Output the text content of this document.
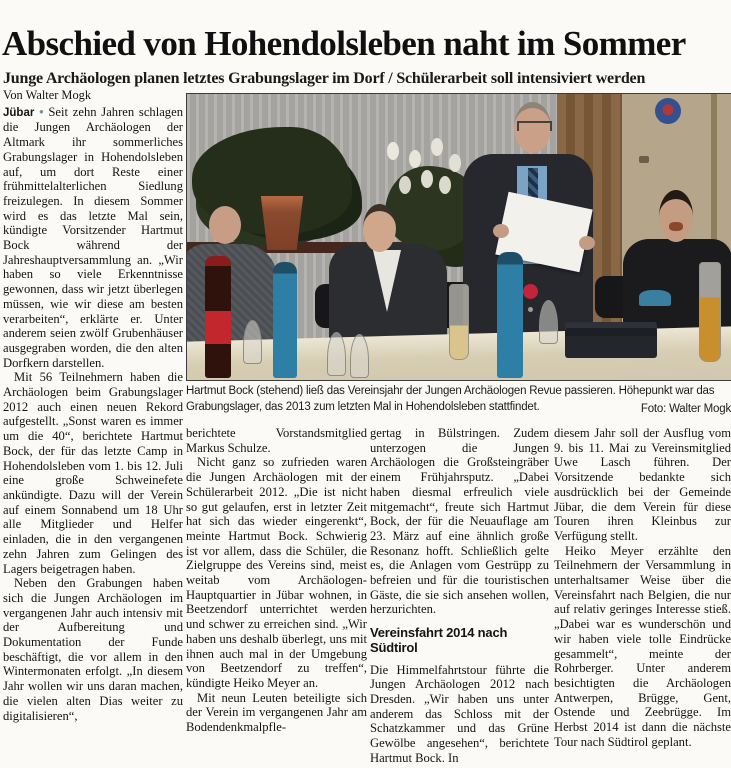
Abschied von Hohendolsleben naht im Sommer
Junge Archäologen planen letztes Grabungslager im Dorf / Schülerarbeit soll intensiviert werden
Hartmut Bock (stehend) ließ das Vereinsjahr der Jungen Archäologen Revue passieren. Höhepunkt war das Grabungslager, das 2013 zum letzten Mal in Hohendolsleben stattfindet.	Foto: Walter Mogk

Von Walter Mogk

Jübar ● Seit zehn Jahren schlagen die Jungen Archäologen der Altmark ihr sommerliches Grabungslager in Hohendolsleben auf, um dort Reste einer frühmittelalterlichen Siedlung freizulegen. In diesem Sommer wird es das letzte Mal sein, kündigte Vorsitzender Hartmut Bock während der Jahreshauptversammlung an. „Wir haben so viele Erkenntnisse gewonnen, dass wir jetzt überlegen müssen, wie wir diese am besten verarbeiten“, erklärte er. Unter anderem seien zwölf Grubenhäuser ausgegraben worden, die den alten Dorfkern darstellen.

Mit 56 Teilnehmern haben die Archäologen beim Grabungslager 2012 auch einen neuen Rekord aufgestellt. „Sonst waren es immer um die 40“, berichtete Hartmut Bock, der für das letzte Camp in Hohendolsleben vom 1. bis 12. Juli eine große Schweinefete ankündigte. Dazu will der Verein auf einem Sonnabend um 18 Uhr alle Mitglieder und Helfer einladen, die in den vergangenen zehn Jahren zum Gelingen des Lagers beigetragen haben.

Neben den Grabungen haben sich die Jungen Archäologen im vergangenen Jahr auch intensiv mit der Aufbereitung und Dokumentation der Funde beschäftigt, die vor allem in den Wintermonaten erfolgt. „In diesem Jahr wollen wir uns daran machen, die vielen alten Dias weiter zu digitalisieren“,

berichtete Vorstandsmitglied Markus Schulze.

Nicht ganz so zufrieden waren die Jungen Archäologen mit der Schülerarbeit 2012. „Die ist nicht so gut gelaufen, erst in letzter Zeit hat sich das wieder eingerenkt“, meinte Hartmut Bock. Schwierig ist vor allem, dass die Schüler, die Zielgruppe des Vereins sind, meist weitab vom Archäologen-Hauptquartier in Jübar wohnen, in Beetzendorf unterrichtet werden und schwer zu erreichen sind. „Wir haben uns deshalb überlegt, uns mit ihnen auch mal in der Umgebung von Beetzendorf zu treffen“, kündigte Heiko Meyer an.

Mit neun Leuten beteiligte sich der Verein im vergangenen Jahr am Bodendenkmalpfle-

gertag in Bülstringen. Zudem unterzogen die Jungen Archäologen die Großsteingräber einem Frühjahrsputz. „Dabei haben diesmal erfreulich viele mitgemacht“, freute sich Hartmut Bock, der für die Neuauflage am 23. März auf eine ähnlich große Resonanz hofft. Schließlich gelte es, die Anlagen vom Gestrüpp zu befreien und für die touristischen Gäste, die sie sich ansehen wollen, herzurichten.

Vereinsfahrt 2014 nach Südtirol

Die Himmelfahrtstour führte die Jungen Archäologen 2012 nach Dresden. „Wir haben uns unter anderem das Schloss mit der Schatzkammer und das Grüne Gewölbe angesehen“, berichtete Hartmut Bock. In

diesem Jahr soll der Ausflug vom 9. bis 11. Mai zu Vereinsmitglied Uwe Lasch führen. Der Vorsitzende bedankte sich ausdrücklich bei der Gemeinde Jübar, die dem Verein für diese Touren ihren Kleinbus zur Verfügung stellt.

Heiko Meyer erzählte den Teilnehmern der Versammlung in unterhaltsamer Weise über die Vereinsfahrt nach Belgien, die nur auf relativ geringes Interesse stieß. „Dabei war es wunderschön und wir haben viele tolle Eindrücke gesammelt“, meinte der Rohrberger. Unter anderem besichtigten die Archäologen Antwerpen, Brügge, Gent, Ostende und Zeebrügge. Im Herbst 2014 ist dann die nächste Tour nach Südtirol geplant.
